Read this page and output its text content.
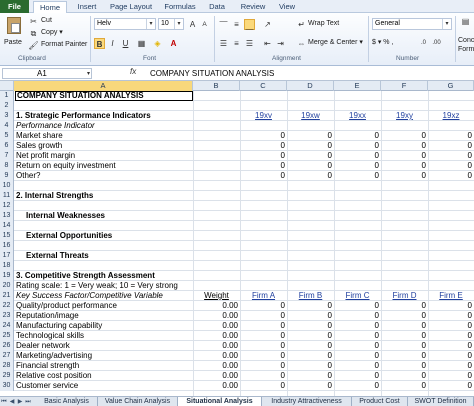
File	Home	Insert	Page Layout	Formulas	Data	Review	View
Paste
✂ Cut
⧉ Copy ▾
🖌 Format Painter
Clipboard
Helv	▾	10	▾	A	A
B	I	U	▦	◈	A
Font
⎺ ≡ ⎽ ↗
☰ ≡ ☰ ⇤ ⇥
↵ Wrap Text
⇔ Merge & Center ▾
Alignment
General	▾
$ ▾ % ,	.0	.00
Number
▤
Conc Form
A1	▾	fx COMPANY SITUATION ANALYSIS
A	B	C	D	E	F	G
1	COMPANY SITUATION ANALYSIS
2
3 1. Strategic Performance Indicators	19xv	19xw	19xx	19xy	19xz
4 Performance Indicator
5 Market share	0	0	0	0	0
6 Sales growth	0	0	0	0	0
7 Net profit margin	0	0	0	0	0
8 Return on equity investment	0	0	0	0	0
9 Other?	0	0	0	0	0
10
11 2. Internal Strengths
12
13	Internal Weaknesses
14
15	External Opportunities
16
17	External Threats
18
19 3. Competitive Strength Assessment
20 Rating scale: 1 = Very weak; 10 = Very strong
21 Key Success Factor/Competitive Variable	Weight	Firm A	Firm B	Firm C	Firm D	Firm E
22 Quality/product performance	0.00	0	0	0	0	0
23 Reputation/image	0.00	0	0	0	0	0
24 Manufacturing capability	0.00	0	0	0	0	0
25 Technological skills	0.00	0	0	0	0	0
26 Dealer network	0.00	0	0	0	0	0
27 Marketing/advertising	0.00	0	0	0	0	0
28 Financial strength	0.00	0	0	0	0	0
29 Relative cost position	0.00	0	0	0	0	0
30 Customer service	0.00	0	0	0	0	0
⏮ ◀ ▶ ⏭	Basic Analysis	Value Chain Analysis	Situational Analysis	Industry Attractiveness	Product Cost	SWOT Definition
